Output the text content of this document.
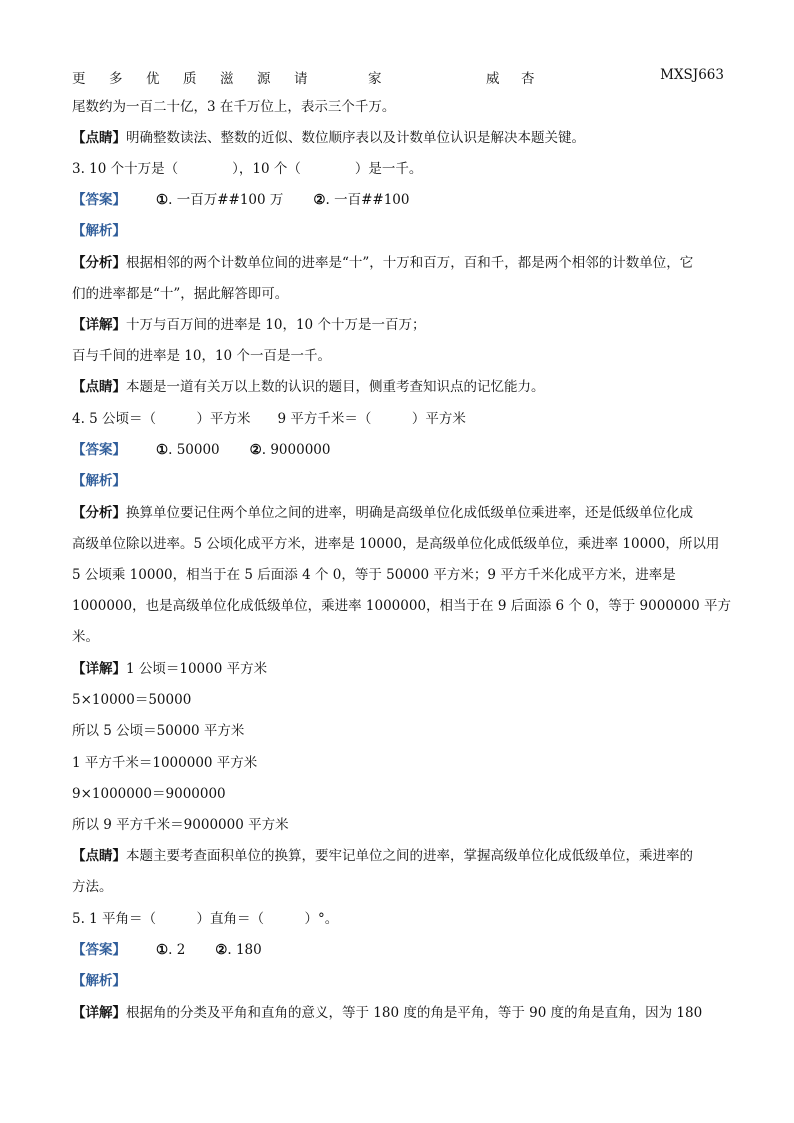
更 多 优 质 滋 源 请	家	威 杏	MXSJ663
尾数约为一百二十亿，3 在千万位上，表示三个千万。
【点睛】明确整数读法、整数的近似、数位顺序表以及计数单位认识是解决本题关键。
3. 10 个十万是（　　　　），10 个（　　　　）是一千。
【答案】 ①. 一百万##100 万 ②. 一百##100
【解析】
【分析】根据相邻的两个计数单位间的进率是“十”，十万和百万，百和千，都是两个相邻的计数单位，它
们的进率都是“十”，据此解答即可。
【详解】十万与百万间的进率是 10，10 个十万是一百万；
百与千间的进率是 10，10 个一百是一千。
【点睛】本题是一道有关万以上数的认识的题目，侧重考查知识点的记忆能力。
4. 5 公顷＝（　　　）平方米　　9 平方千米＝（　　　）平方米
【答案】 ①. 50000 ②. 9000000
【解析】
【分析】换算单位要记住两个单位之间的进率，明确是高级单位化成低级单位乘进率，还是低级单位化成
高级单位除以进率。5 公顷化成平方米，进率是 10000，是高级单位化成低级单位，乘进率 10000，所以用
5 公顷乘 10000，相当于在 5 后面添 4 个 0，等于 50000 平方米；9 平方千米化成平方米，进率是
1000000，也是高级单位化成低级单位，乘进率 1000000，相当于在 9 后面添 6 个 0，等于 9000000 平方
米。
【详解】1 公顷＝10000 平方米
5×10000＝50000
所以 5 公顷＝50000 平方米
1 平方千米＝1000000 平方米
9×1000000＝9000000
所以 9 平方千米＝9000000 平方米
【点睛】本题主要考查面积单位的换算，要牢记单位之间的进率，掌握高级单位化成低级单位，乘进率的
方法。
5. 1 平角＝（　　　）直角＝（　　　）°。
【答案】 ①. 2 ②. 180
【解析】
【详解】根据角的分类及平角和直角的意义，等于 180 度的角是平角，等于 90 度的角是直角，因为 180
